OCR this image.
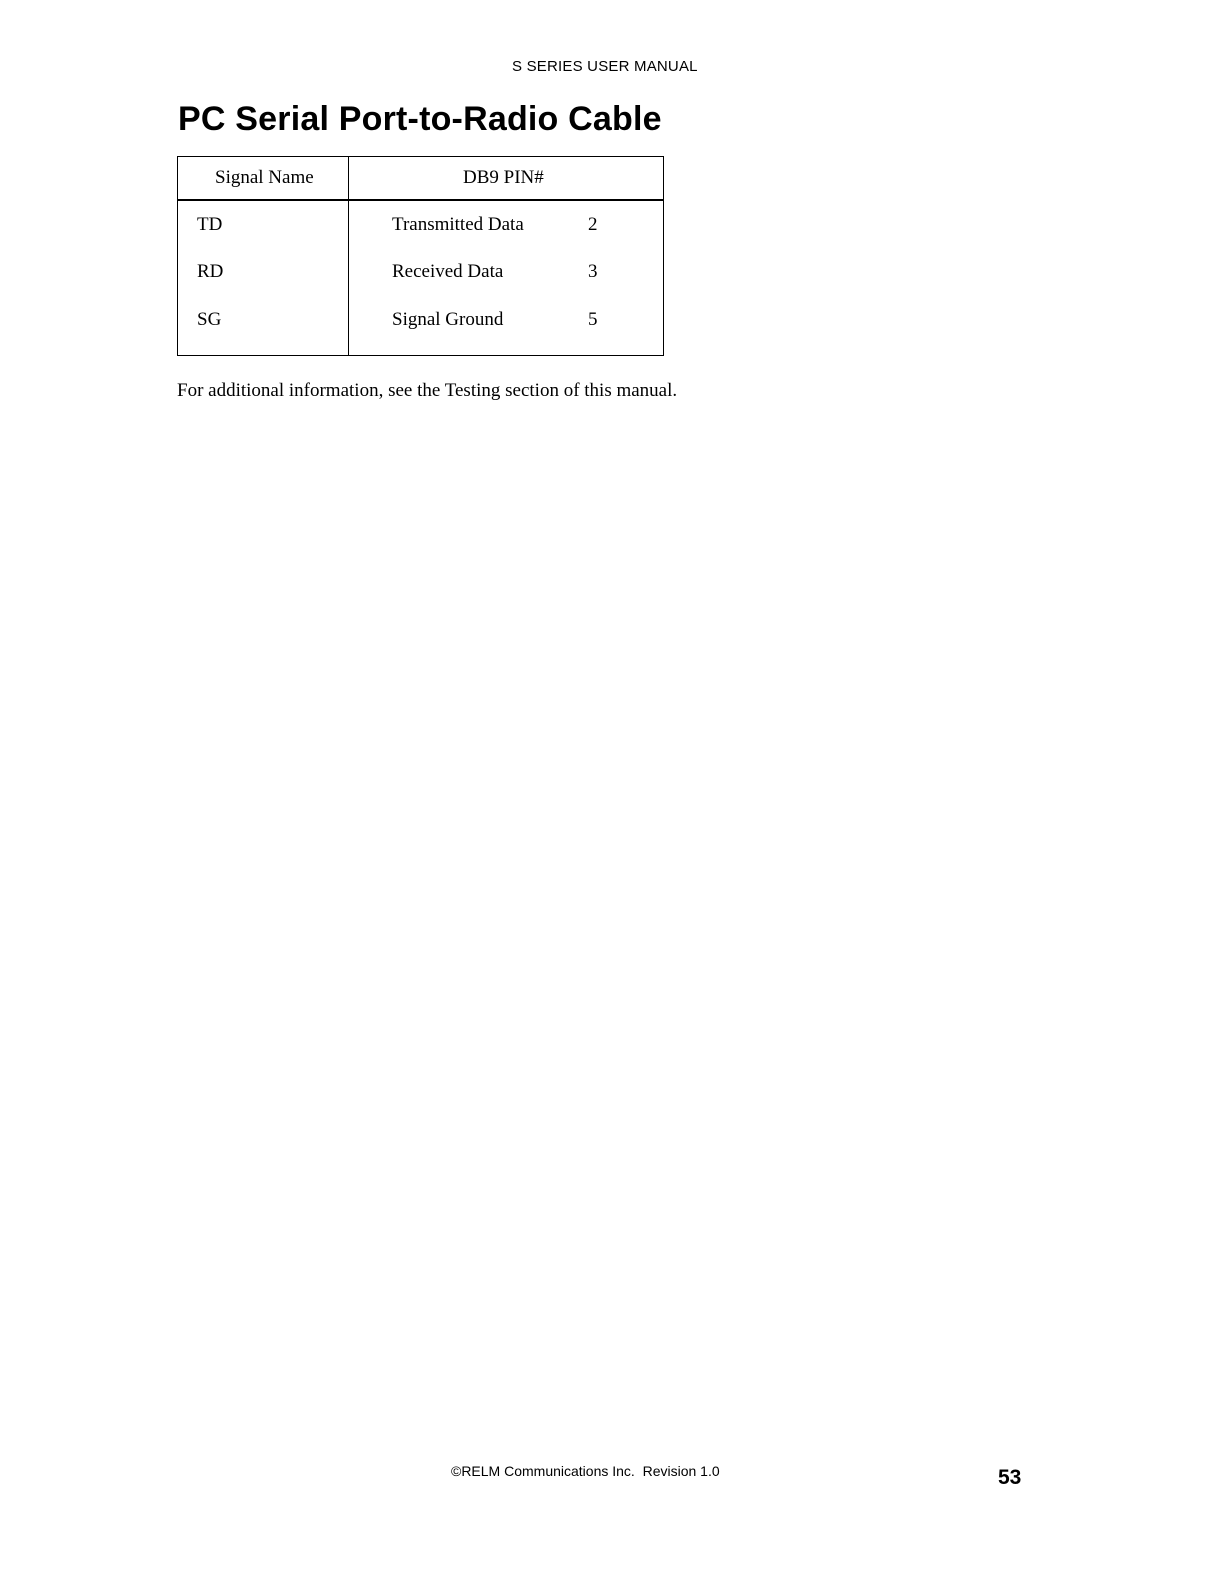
S SERIES USER MANUAL
PC Serial Port-to-Radio Cable
Signal Name	DB9 PIN#
TD	Transmitted Data	2
RD	Received Data	3
SG	Signal Ground	5

For additional information, see the Testing section of this manual.

©RELM Communications Inc.  Revision 1.0	53
